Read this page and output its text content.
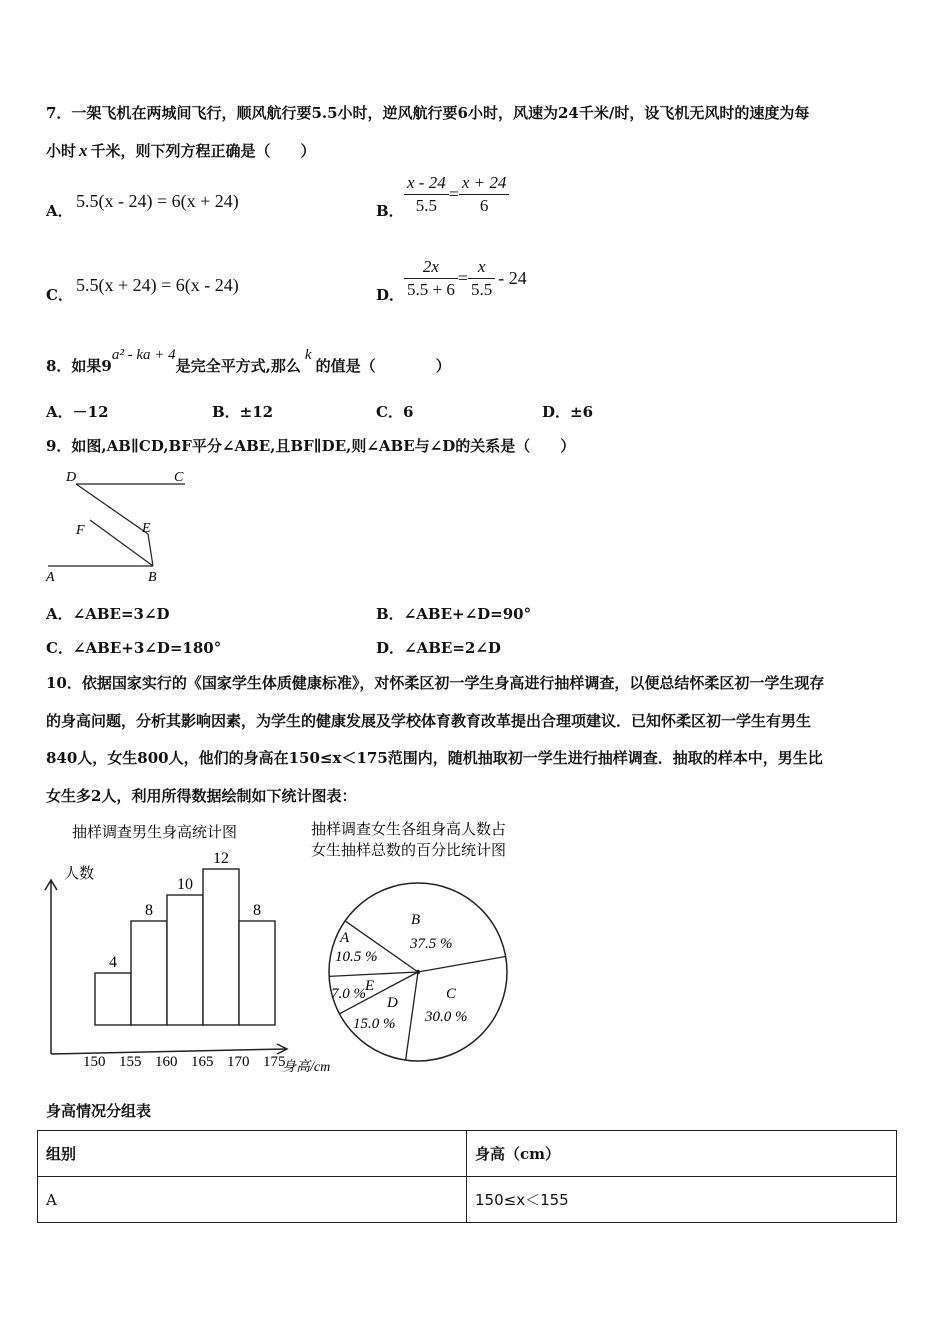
7．一架飞机在两城间飞行，顺风航行要5.5小时，逆风航行要6小时，风速为24千米/时，设飞机无风时的速度为每
小时 x 千米，则下列方程正确是（　　）
A． 5.5(x - 24) = 6(x + 24)	B． $\frac{x - 24}{5.5} = \frac{x + 24}{6}$
C． 5.5(x + 24) = 6(x - 24)	D． $\frac{2x}{5.5 + 6} = \frac{x}{5.5} - 24$
8．如果9a² - ka + 4是完全平方式,那么k的值是（　　　　）
A．－12	B．±12	C．6	D．±6
9．如图,AB∥CD,BF平分∠ABE,且BF∥DE,则∠ABE与∠D的关系是（　　）
D	C
F	E
A	B
A．∠ABE=3∠D	B．∠ABE+∠D=90°
C．∠ABE+3∠D=180°	D．∠ABE=2∠D
10．依据国家实行的《国家学生体质健康标准》，对怀柔区初一学生身高进行抽样调查，以便总结怀柔区初一学生现存
的身高问题，分析其影响因素，为学生的健康发展及学校体育教育改革提出合理项建议．已知怀柔区初一学生有男生
840人，女生800人，他们的身高在150≤x＜175范围内，随机抽取初一学生进行抽样调查．抽取的样本中，男生比
女生多2人，利用所得数据绘制如下统计图表：
抽样调查男生身高统计图
人数
4
8
10
12
8
150 155 160 165 170 175
身高/cm
抽样调查女生各组身高人数占
女生抽样总数的百分比统计图
B
37.5 %
A
10.5 %
C
30.0 %
D
15.0 %
E
7.0 %
身高情况分组表
组别	身高（cm）
A	150≤x＜155
